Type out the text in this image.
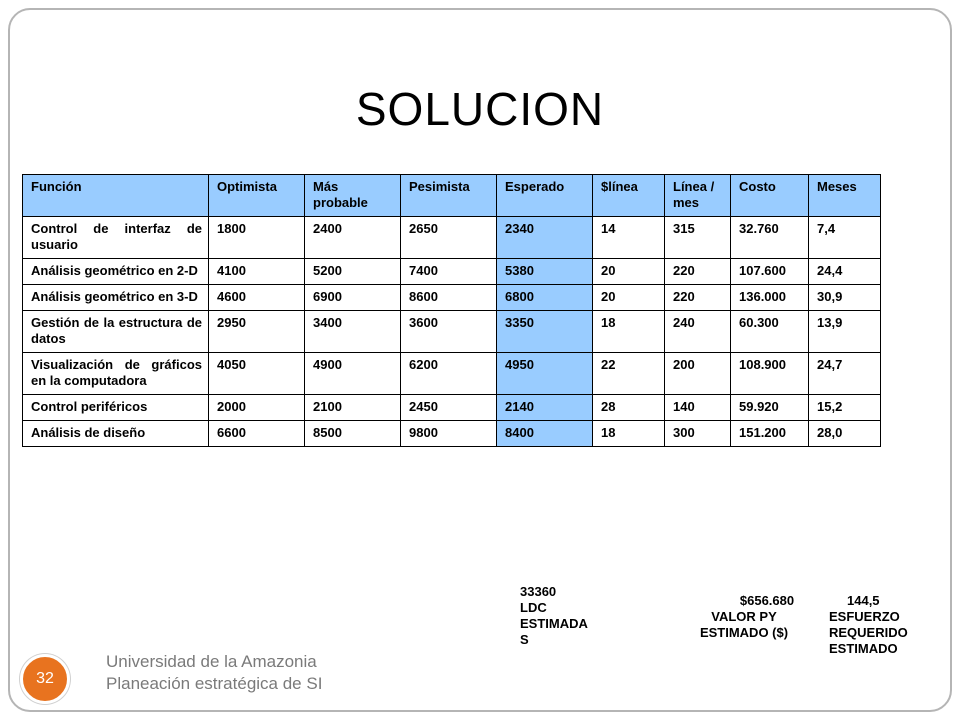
SOLUCION
Función	Optimista	Más probable	Pesimista	Esperado	$línea	Línea / mes	Costo	Meses
Control de interfaz de usuario	1800	2400	2650	2340	14	315	32.760	7,4
Análisis geométrico en 2-D	4100	5200	7400	5380	20	220	107.600	24,4
Análisis geométrico en 3-D	4600	6900	8600	6800	20	220	136.000	30,9
Gestión de la estructura de datos	2950	3400	3600	3350	18	240	60.300	13,9
Visualización de gráficos en la computadora	4050	4900	6200	4950	22	200	108.900	24,7
Control periféricos	2000	2100	2450	2140	28	140	59.920	15,2
Análisis de diseño	6600	8500	9800	8400	18	300	151.200	28,0
33360
LDC
ESTIMADA
S
$656.680
VALOR PY
ESTIMADO ($)
144,5
ESFUERZO
REQUERIDO
ESTIMADO
32
Universidad de la Amazonia
Planeación estratégica de SI
